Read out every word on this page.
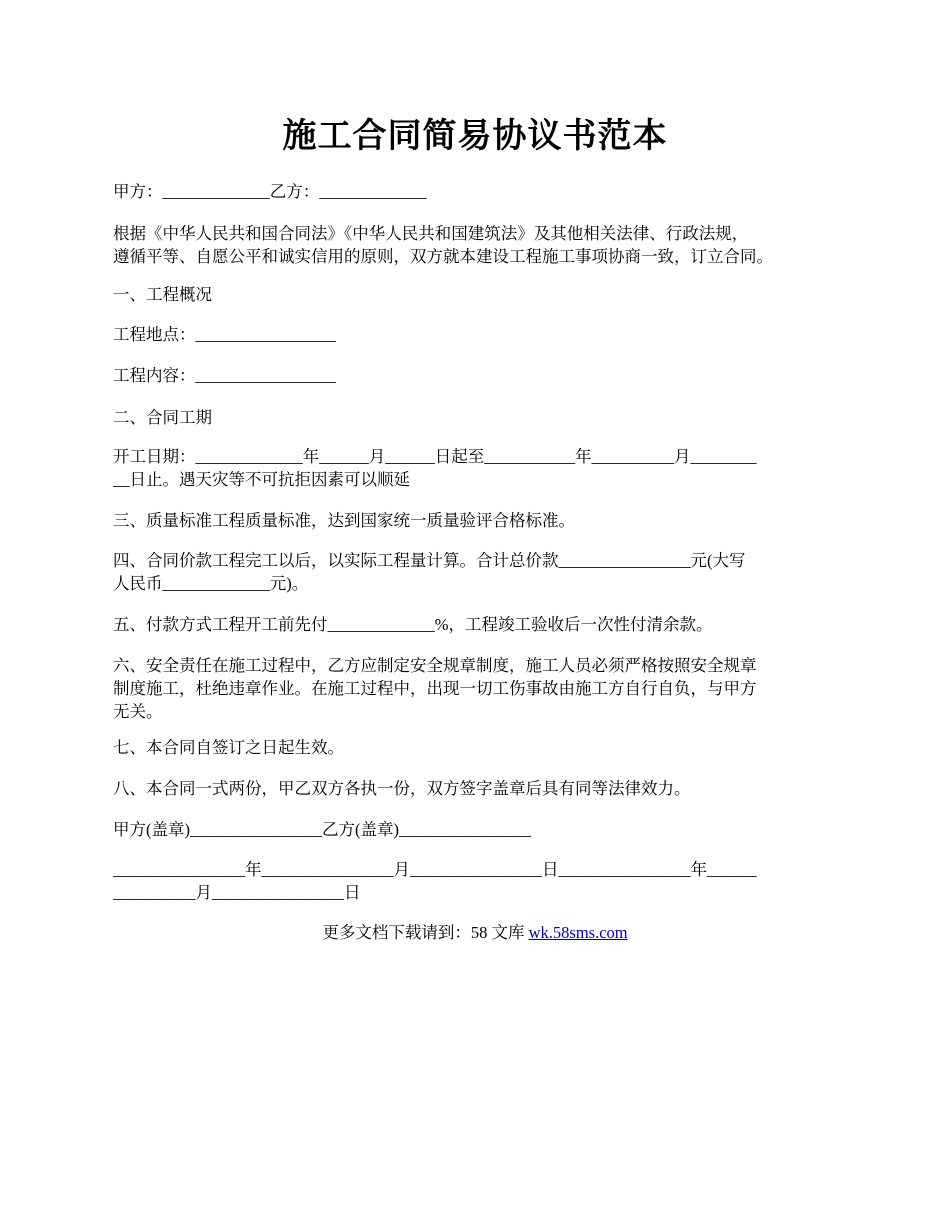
施工合同简易协议书范本
甲方：_____________乙方：_____________
根据《中华人民共和国合同法》《中华人民共和国建筑法》及其他相关法律、行政法规，
遵循平等、自愿公平和诚实信用的原则，双方就本建设工程施工事项协商一致，订立合同。
一、工程概况
工程地点：_________________
工程内容：_________________
二、合同工期
开工日期：_____________年______月______日起至___________年__________月________
__日止。遇天灾等不可抗拒因素可以顺延
三、质量标准工程质量标准，达到国家统一质量验评合格标准。
四、合同价款工程完工以后，以实际工程量计算。合计总价款________________元(大写
人民币_____________元)。
五、付款方式工程开工前先付_____________%，工程竣工验收后一次性付清余款。
六、安全责任在施工过程中，乙方应制定安全规章制度，施工人员必须严格按照安全规章
制度施工，杜绝违章作业。在施工过程中，出现一切工伤事故由施工方自行自负，与甲方
无关。
七、本合同自签订之日起生效。
八、本合同一式两份，甲乙双方各执一份，双方签字盖章后具有同等法律效力。
甲方(盖章)________________乙方(盖章)________________
________________年________________月________________日________________年______
__________月________________日
更多文档下载请到：58 文库 wk.58sms.com
